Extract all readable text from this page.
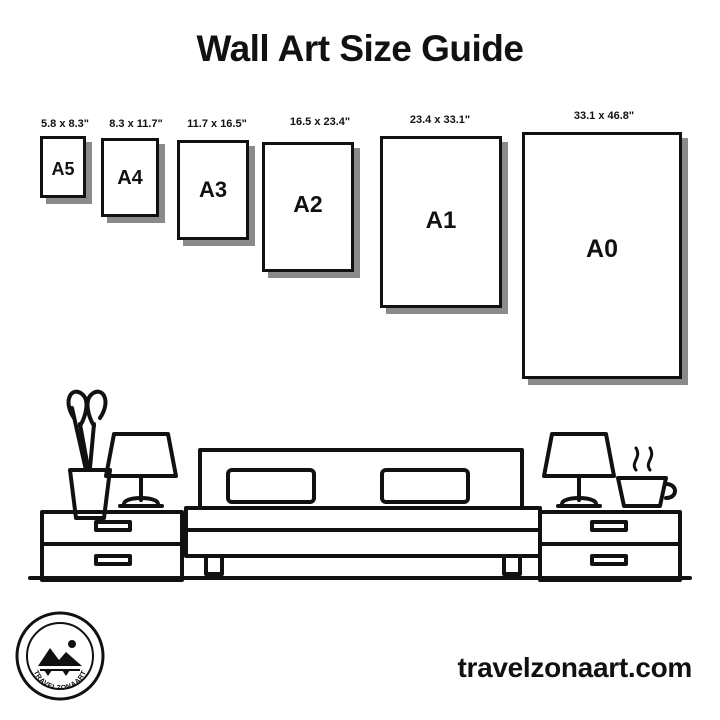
Wall Art Size Guide
5.8 x 8.3"
A5
8.3 x 11.7"
A4
11.7 x 16.5"
A3
16.5 x 23.4"
A2
23.4 x 33.1"
A1
33.1 x 46.8"
A0
TRAVELZONAART	travelzonaart.com
